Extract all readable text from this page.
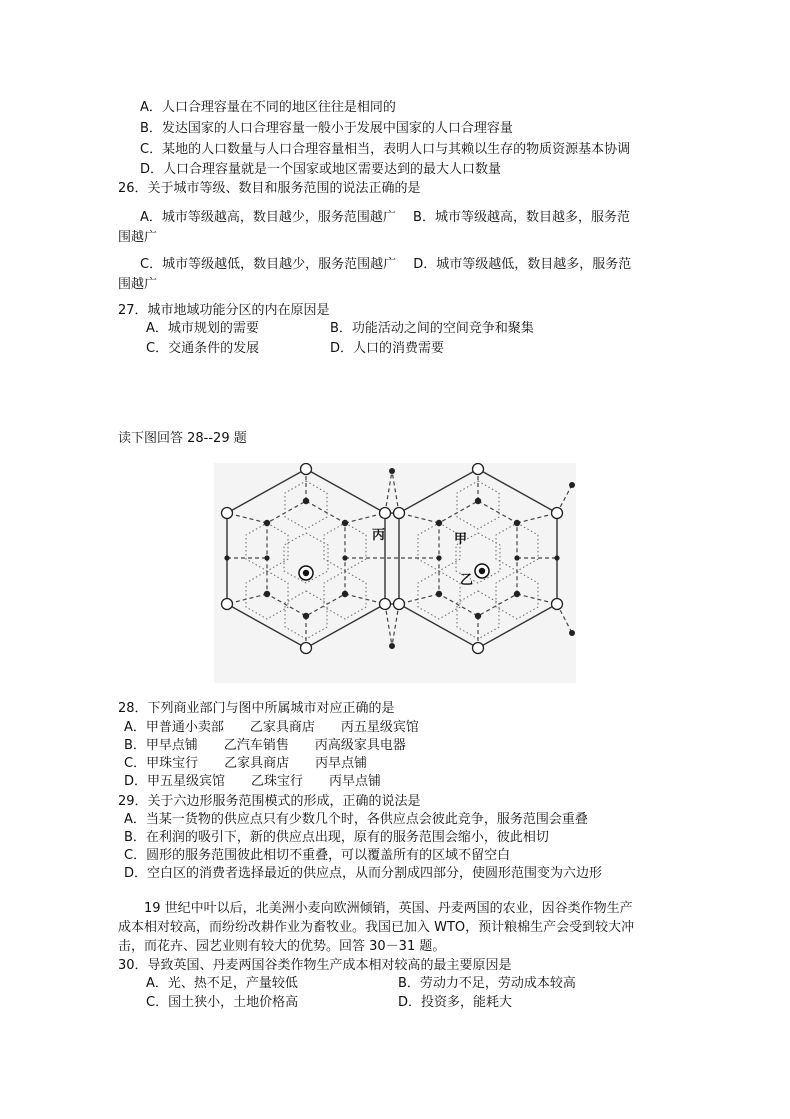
A．人口合理容量在不同的地区往往是相同的
B．发达国家的人口合理容量一般小于发展中国家的人口合理容量
C．某地的人口数量与人口合理容量相当，表明人口与其赖以生存的物质资源基本协调
D．人口合理容量就是一个国家或地区需要达到的最大人口数量
26．关于城市等级、数目和服务范围的说法正确的是
A．城市等级越高，数目越少，服务范围越广　 B．城市等级越高，数目越多，服务范
围越广
C．城市等级越低，数目越少，服务范围越广　 D．城市等级越低，数目越多，服务范
围越广
27．城市地域功能分区的内在原因是
A．城市规划的需要	B．功能活动之间的空间竞争和聚集
C．交通条件的发展	D．人口的消费需要
读下图回答 28--29 题
丙	甲
乙
28．下列商业部门与图中所属城市对应正确的是
A．甲普通小卖部　　乙家具商店　　丙五星级宾馆
B．甲早点铺　　乙汽车销售　　丙高级家具电器
C．甲珠宝行　　乙家具商店　　丙早点铺
D．甲五星级宾馆　　乙珠宝行　　丙早点铺
29．关于六边形服务范围模式的形成，正确的说法是
A．当某一货物的供应点只有少数几个时，各供应点会彼此竞争，服务范围会重叠
B．在利润的吸引下，新的供应点出现，原有的服务范围会缩小，彼此相切
C．圆形的服务范围彼此相切不重叠，可以覆盖所有的区域不留空白
D．空白区的消费者选择最近的供应点，从而分割成四部分，使圆形范围变为六边形
　　19 世纪中叶以后，北美洲小麦向欧洲倾销，英国、丹麦两国的农业，因谷类作物生产
成本相对较高，而纷纷改耕作业为畜牧业。我国已加入 WTO，预计粮棉生产会受到较大冲
击，而花卉、园艺业则有较大的优势。回答 30－31 题。
30．导致英国、丹麦两国谷类作物生产成本相对较高的最主要原因是
A．光、热不足，产量较低	B．劳动力不足，劳动成本较高
C．国土狭小，土地价格高	D．投资多，能耗大
